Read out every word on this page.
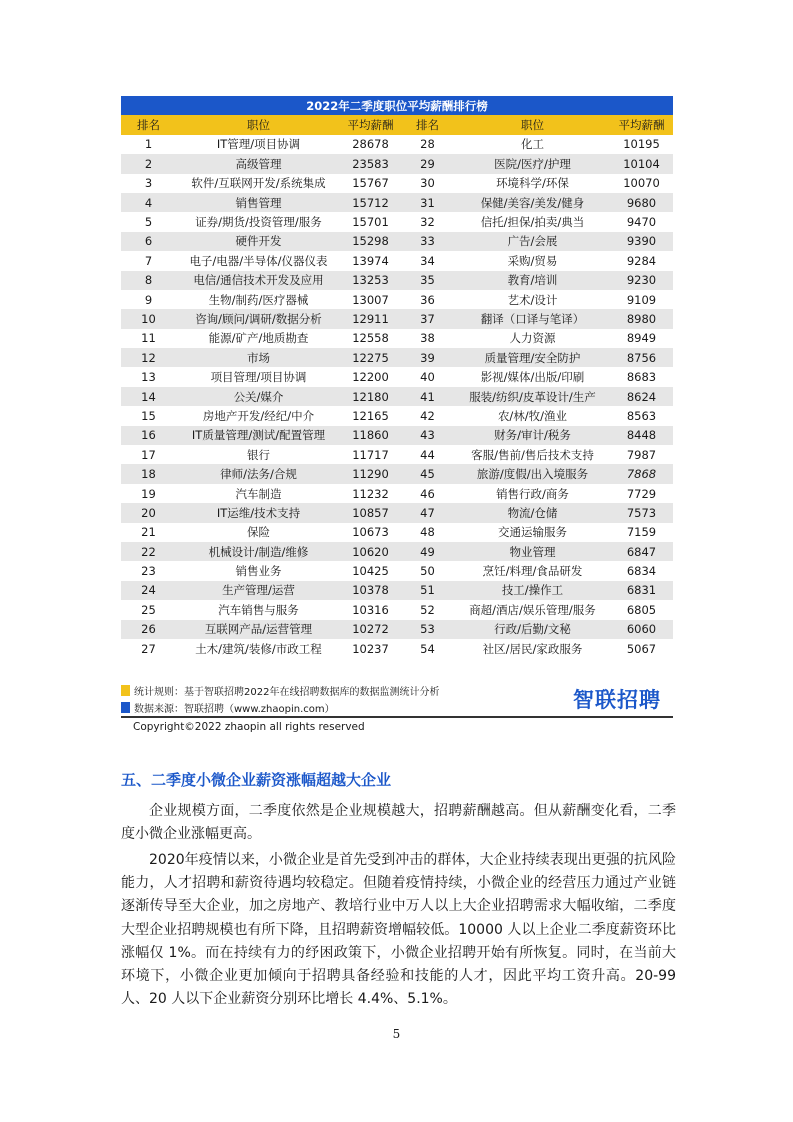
2022年二季度职位平均薪酬排行榜					
排名	职位	平均薪酬	排名	职位	平均薪酬
1	IT管理/项目协调	28678	28	化工	10195
2	高级管理	23583	29	医院/医疗/护理	10104
3	软件/互联网开发/系统集成	15767	30	环境科学/环保	10070
4	销售管理	15712	31	保健/美容/美发/健身	9680
5	证券/期货/投资管理/服务	15701	32	信托/担保/拍卖/典当	9470
6	硬件开发	15298	33	广告/会展	9390
7	电子/电器/半导体/仪器仪表	13974	34	采购/贸易	9284
8	电信/通信技术开发及应用	13253	35	教育/培训	9230
9	生物/制药/医疗器械	13007	36	艺术/设计	9109
10	咨询/顾问/调研/数据分析	12911	37	翻译（口译与笔译）	8980
11	能源/矿产/地质勘查	12558	38	人力资源	8949
12	市场	12275	39	质量管理/安全防护	8756
13	项目管理/项目协调	12200	40	影视/媒体/出版/印刷	8683
14	公关/媒介	12180	41	服装/纺织/皮革设计/生产	8624
15	房地产开发/经纪/中介	12165	42	农/林/牧/渔业	8563
16	IT质量管理/测试/配置管理	11860	43	财务/审计/税务	8448
17	银行	11717	44	客服/售前/售后技术支持	7987
18	律师/法务/合规	11290	45	旅游/度假/出入境服务	7868
19	汽车制造	11232	46	销售行政/商务	7729
20	IT运维/技术支持	10857	47	物流/仓储	7573
21	保险	10673	48	交通运输服务	7159
22	机械设计/制造/维修	10620	49	物业管理	6847
23	销售业务	10425	50	烹饪/料理/食品研发	6834
24	生产管理/运营	10378	51	技工/操作工	6831
25	汽车销售与服务	10316	52	商超/酒店/娱乐管理/服务	6805
26	互联网产品/运营管理	10272	53	行政/后勤/文秘	6060
27	土木/建筑/装修/市政工程	10237	54	社区/居民/家政服务	5067
统计规则：基于智联招聘2022年在线招聘数据库的数据监测统计分析
数据来源：智联招聘（www.zhaopin.com）	智联招聘
Copyright©2022 zhaopin all rights reserved
五、二季度小微企业薪资涨幅超越大企业

企业规模方面，二季度依然是企业规模越大，招聘薪酬越高。但从薪酬变化看，二季度小微企业涨幅更高。

2020年疫情以来，小微企业是首先受到冲击的群体，大企业持续表现出更强的抗风险能力，人才招聘和薪资待遇均较稳定。但随着疫情持续，小微企业的经营压力通过产业链逐渐传导至大企业，加之房地产、教培行业中万人以上大企业招聘需求大幅收缩，二季度大型企业招聘规模也有所下降，且招聘薪资增幅较低。10000 人以上企业二季度薪资环比涨幅仅 1%。而在持续有力的纾困政策下，小微企业招聘开始有所恢复。同时，在当前大环境下，小微企业更加倾向于招聘具备经验和技能的人才，因此平均工资升高。20-99 人、20 人以下企业薪资分别环比增长 4.4%、5.1%。

5
